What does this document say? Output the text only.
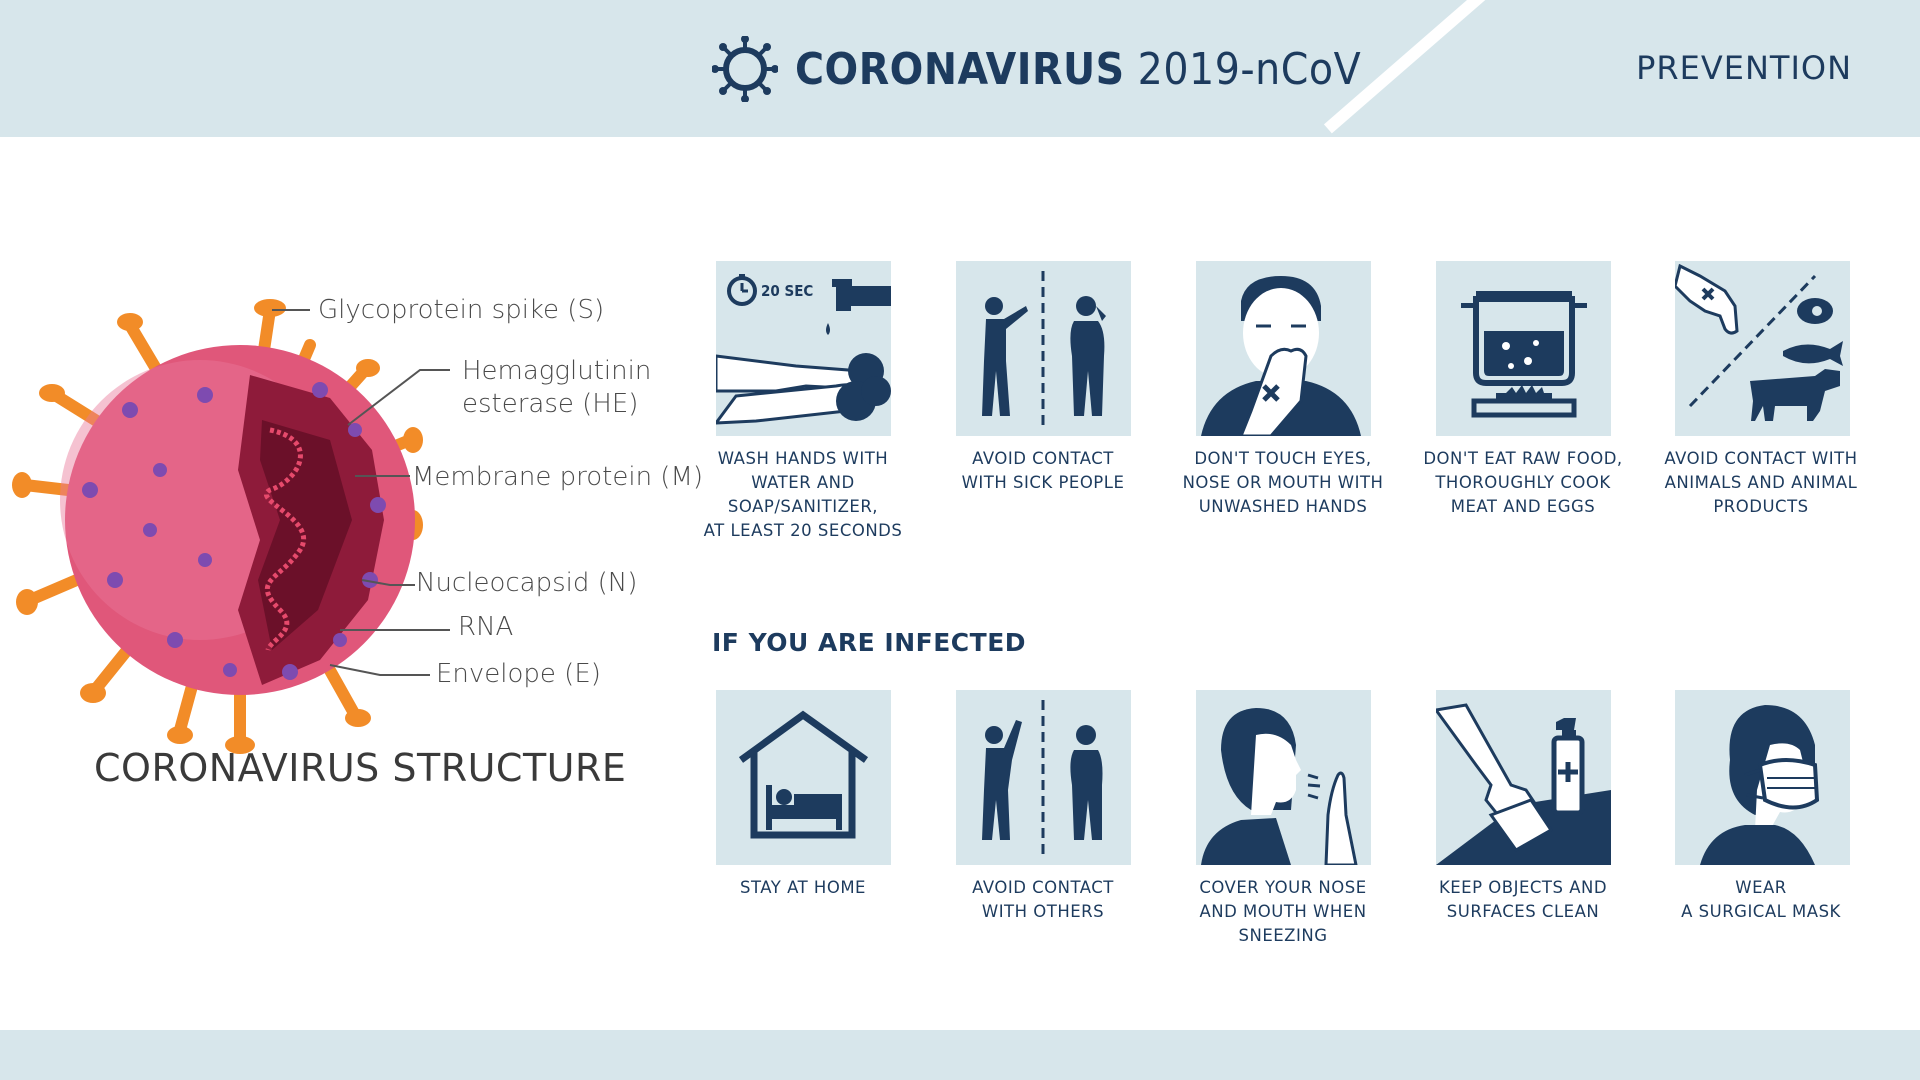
CORONAVIRUS 2019-nCoV	PREVENTION
Glycoprotein spike (S)
Hemagglutinin
esterase (HE)
Membrane protein (M)
Nucleocapsid (N)
RNA
Envelope (E)
CORONAVIRUS STRUCTURE
20 SEC
WASH HANDS WITH
WATER AND
SOAP/SANITIZER,
AT LEAST 20 SECONDS
AVOID CONTACT
WITH SICK PEOPLE
DON'T TOUCH EYES,
NOSE OR MOUTH WITH
UNWASHED HANDS
DON'T EAT RAW FOOD,
THOROUGHLY COOK
MEAT AND EGGS
AVOID CONTACT WITH
ANIMALS AND ANIMAL
PRODUCTS
IF YOU ARE INFECTED
STAY AT HOME	AVOID CONTACT
WITH OTHERS
COVER YOUR NOSE
AND MOUTH WHEN
SNEEZING
KEEP OBJECTS AND
SURFACES CLEAN
WEAR
A SURGICAL MASK
